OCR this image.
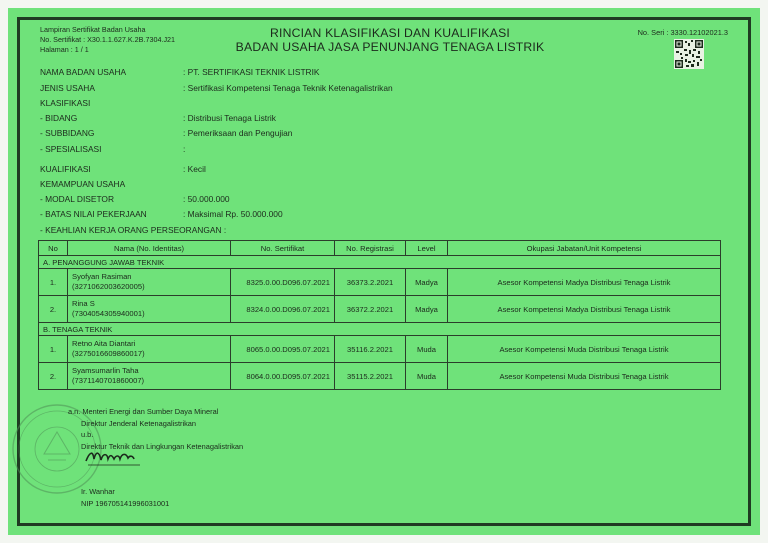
Lampiran Sertifikat Badan Usaha
No. Sertifikat : X30.1.1.627.K.2B.7304.J21
Halaman : 1 / 1
RINCIAN KLASIFIKASI DAN KUALIFIKASI
BADAN USAHA JASA PENUNJANG TENAGA LISTRIK
No. Seri : 3330.12102021.3
NAMA BADAN USAHA	: PT. SERTIFIKASI TEKNIK LISTRIK
JENIS USAHA	: Sertifikasi Kompetensi Tenaga Teknik Ketenagalistrikan
KLASIFIKASI
- BIDANG	: Distribusi Tenaga Listrik
- SUBBIDANG	: Pemeriksaan dan Pengujian
- SPESIALISASI	:
KUALIFIKASI	: Kecil
KEMAMPUAN USAHA
- MODAL DISETOR	: 50.000.000
- BATAS NILAI PEKERJAAN	: Maksimal Rp. 50.000.000
- KEAHLIAN KERJA ORANG PERSEORANGAN :
No	Nama (No. Identitas)	No. Sertifikat	No. Registrasi	Level	Okupasi Jabatan/Unit Kompetensi
A. PENANGGUNG JAWAB TEKNIK					
1.	Syofyan Rasiman
(3271062003620005)	8325.0.00.D096.07.2021	36373.2.2021	Madya	Asesor Kompetensi Madya Distribusi Tenaga Listrik
2.	Rina S
(7304054305940001)	8324.0.00.D096.07.2021	36372.2.2021	Madya	Asesor Kompetensi Madya Distribusi Tenaga Listrik
B. TENAGA TEKNIK					
1.	Retno Aita Diantari
(3275016609860017)	8065.0.00.D095.07.2021	35116.2.2021	Muda	Asesor Kompetensi Muda Distribusi Tenaga Listrik
2.	Syamsumarlin Taha
(7371140701860007)	8064.0.00.D095.07.2021	35115.2.2021	Muda	Asesor Kompetensi Muda Distribusi Tenaga Listrik
a.n. Menteri Energi dan Sumber Daya Mineral
Direktur Jenderal Ketenagalistrikan
u.b.
Direktur Teknik dan Lingkungan Ketenagalistrikan
Ir. Wanhar
NIP 196705141996031001
